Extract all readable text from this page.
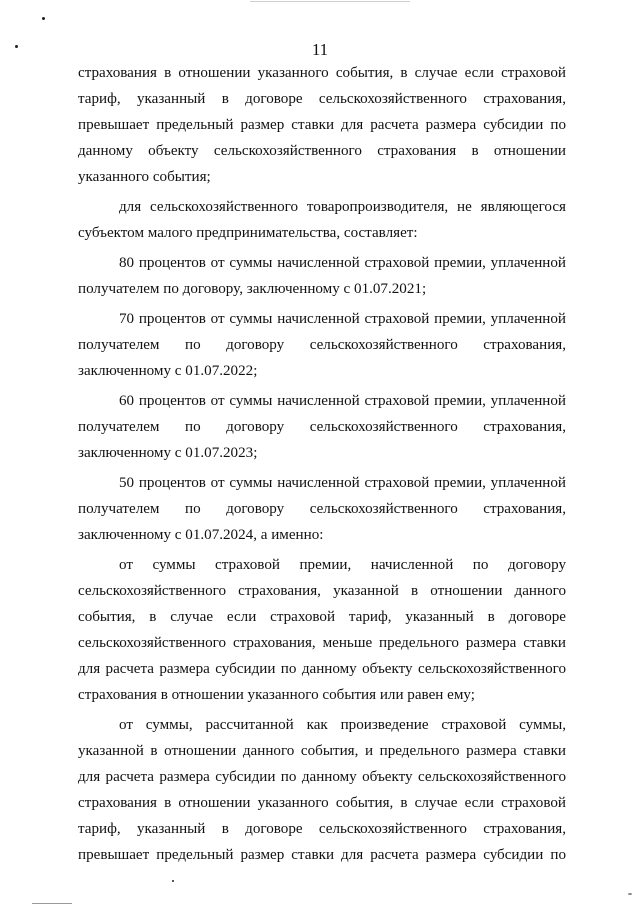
11
страхования в отношении указанного события, в случае если страховой
тариф, указанный в договоре сельскохозяйственного страхования,
превышает предельный размер ставки для расчета размера субсидии по
данному объекту сельскохозяйственного страхования в отношении
указанного события;
для сельскохозяйственного товаропроизводителя, не являющегося
субъектом малого предпринимательства, составляет:
80 процентов от суммы начисленной страховой премии, уплаченной
получателем по договору, заключенному с 01.07.2021;
70 процентов от суммы начисленной страховой премии, уплаченной
получателем по договору сельскохозяйственного страхования,
заключенному с 01.07.2022;
60 процентов от суммы начисленной страховой премии, уплаченной
получателем по договору сельскохозяйственного страхования,
заключенному с 01.07.2023;
50 процентов от суммы начисленной страховой премии, уплаченной
получателем по договору сельскохозяйственного страхования,
заключенному с 01.07.2024, а именно:
от суммы страховой премии, начисленной по договору
сельскохозяйственного страхования, указанной в отношении данного
события, в случае если страховой тариф, указанный в договоре
сельскохозяйственного страхования, меньше предельного размера ставки
для расчета размера субсидии по данному объекту сельскохозяйственного
страхования в отношении указанного события или равен ему;
от суммы, рассчитанной как произведение страховой суммы,
указанной в отношении данного события, и предельного размера ставки
для расчета размера субсидии по данному объекту сельскохозяйственного
страхования в отношении указанного события, в случае если страховой
тариф, указанный в договоре сельскохозяйственного страхования,
превышает предельный размер ставки для расчета размера субсидии по
